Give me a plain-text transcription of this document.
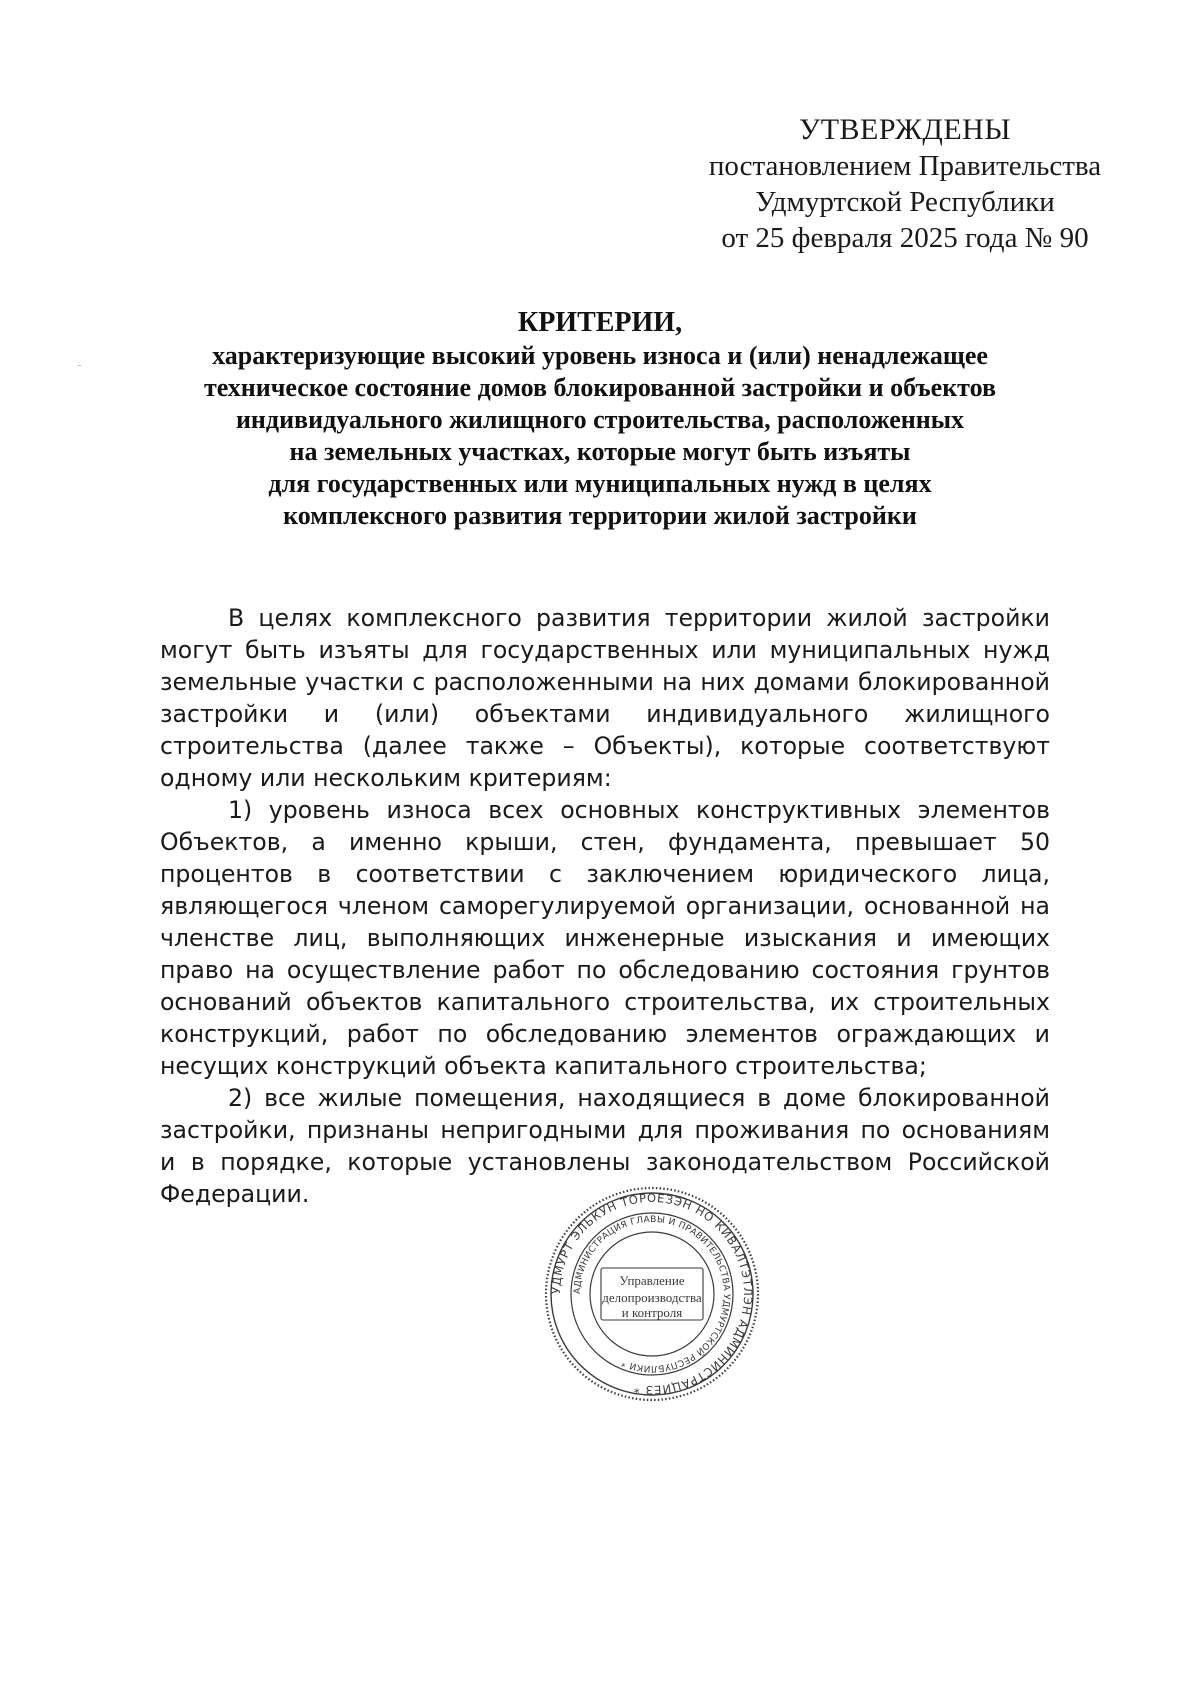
УТВЕРЖДЕНЫ
постановлением Правительства
Удмуртской Республики
от 25 февраля 2025 года № 90
КРИТЕРИИ,
характеризующие высокий уровень износа и (или) ненадлежащее
техническое состояние домов блокированной застройки и объектов
индивидуального жилищного строительства, расположенных
на земельных участках, которые могут быть изъяты
для государственных или муниципальных нужд в целях
комплексного развития территории жилой застройки

В целях комплексного развития территории жилой застройки могут быть изъяты для государственных или муниципальных нужд земельные участки с расположенными на них домами блокированной застройки и (или) объектами индивидуального жилищного строительства (далее также – Объекты), которые соответствуют одному или нескольким критериям:

1) уровень износа всех основных конструктивных элементов Объектов, а именно крыши, стен, фундамента, превышает 50 процентов в соответствии с заключением юридического лица, являющегося членом саморегулируемой организации, основанной на членстве лиц, выполняющих инженерные изыскания и имеющих право на осуществление работ по обследованию состояния грунтов оснований объектов капитального строительства, их строительных конструкций, работ по обследованию элементов ограждающих и несущих конструкций объекта капитального строительства;

2) все жилые помещения, находящиеся в доме блокированной застройки, признаны непригодными для проживания по основаниям и в порядке, которые установлены законодательством Российской Федерации.

УДМУРТ ЭЛЬКУН ТОРОЕЗЭН НО КИВАЛТЭТЛЭН АДМИНИСТРАЦИЕЗ *
АДМИНИСТРАЦИЯ ГЛАВЫ И ПРАВИТЕЛЬСТВА УДМУРТСКОЙ РЕСПУБЛИКИ *
Управление
делопроизводства
и контроля
